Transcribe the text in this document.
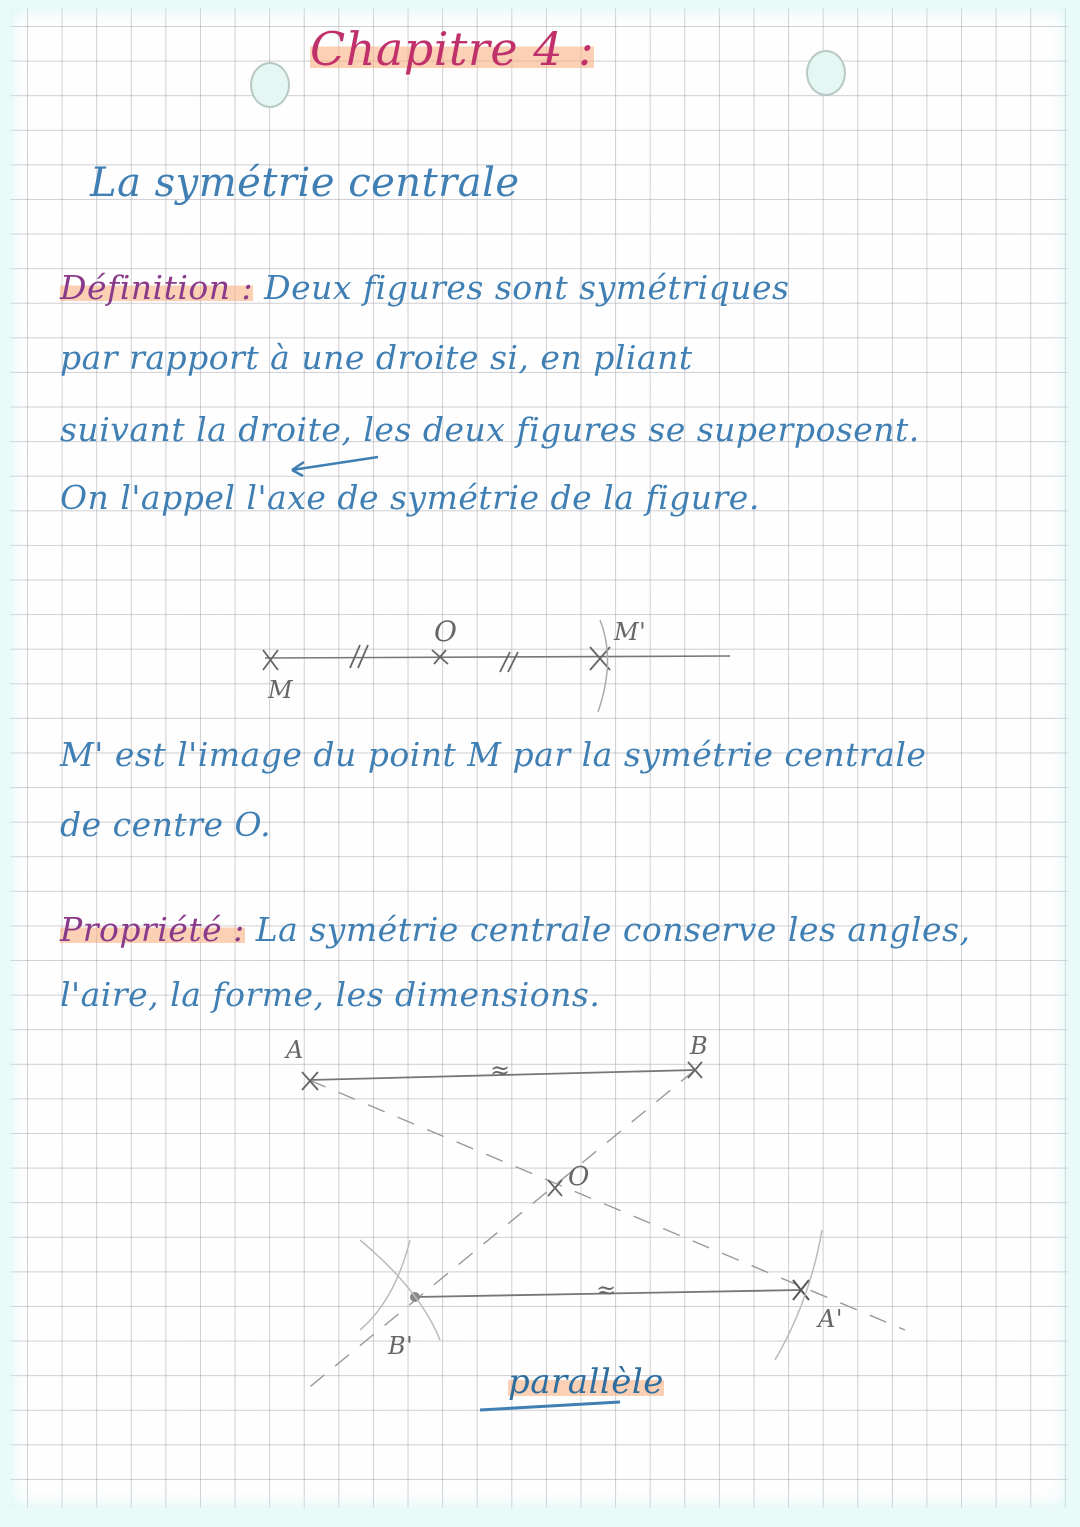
Chapitre 4 :
La symétrie centrale
Définition : Deux figures sont symétriques
par rapport à une droite si, en pliant
suivant la droite, les deux figures se superposent.
On l'appel l'axe de symétrie de la figure.
O
M
M'
M' est l'image du point M par la symétrie centrale
de centre O.
Propriété : La symétrie centrale conserve les angles,
l'aire, la forme, les dimensions.
A	B
O
A'
B'
≈
≈
parallèle
